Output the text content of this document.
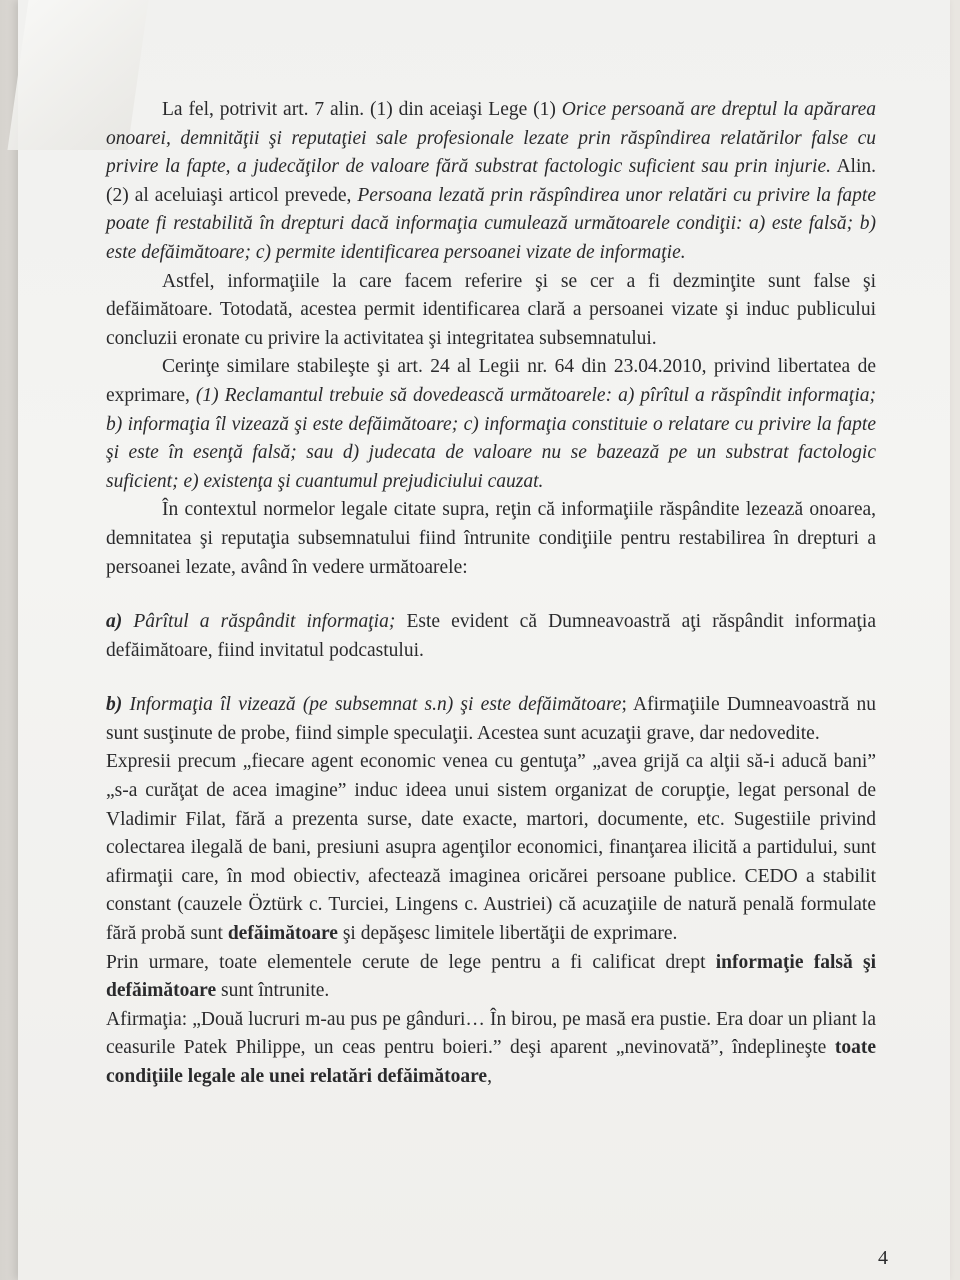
La fel, potrivit art. 7 alin. (1) din aceiaşi Lege (1) Orice persoană are dreptul la apărarea onoarei, demnităţii şi reputaţiei sale profesionale lezate prin răspîndirea relatărilor false cu privire la fapte, a judecăţilor de valoare fără substrat factologic suficient sau prin injurie. Alin. (2) al aceluiaşi articol prevede, Persoana lezată prin răspîndirea unor relatări cu privire la fapte poate fi restabilită în drepturi dacă informaţia cumulează următoarele condiţii: a) este falsă; b) este defăimătoare; c) permite identificarea persoanei vizate de informaţie.

Astfel, informaţiile la care facem referire şi se cer a fi dezminţite sunt false şi defăimătoare. Totodată, acestea permit identificarea clară a persoanei vizate şi induc publicului concluzii eronate cu privire la activitatea şi integritatea subsemnatului.

Cerinţe similare stabileşte şi art. 24 al Legii nr. 64 din 23.04.2010, privind libertatea de exprimare, (1) Reclamantul trebuie să dovedească următoarele: a) pîrîtul a răspîndit informaţia; b) informaţia îl vizează şi este defăimătoare; c) informaţia constituie o relatare cu privire la fapte şi este în esenţă falsă; sau d) judecata de valoare nu se bazează pe un substrat factologic suficient; e) existenţa şi cuantumul prejudiciului cauzat.

În contextul normelor legale citate supra, reţin că informaţiile răspândite lezează onoarea, demnitatea şi reputaţia subsemnatului fiind întrunite condiţiile pentru restabilirea în drepturi a persoanei lezate, având în vedere următoarele:

a) Pârîtul a răspândit informaţia; Este evident că Dumneavoastră aţi răspândit informaţia defăimătoare, fiind invitatul podcastului.

b) Informaţia îl vizează (pe subsemnat s.n) şi este defăimătoare; Afirmaţiile Dumneavoastră nu sunt susţinute de probe, fiind simple speculaţii. Acestea sunt acuzaţii grave, dar nedovedite.

Expresii precum „fiecare agent economic venea cu gentuţa” „avea grijă ca alţii să-i aducă bani” „s-a curăţat de acea imagine” induc ideea unui sistem organizat de corupţie, legat personal de Vladimir Filat, fără a prezenta surse, date exacte, martori, documente, etc. Sugestiile privind colectarea ilegală de bani, presiuni asupra agenţilor economici, finanţarea ilicită a partidului, sunt afirmaţii care, în mod obiectiv, afectează imaginea oricărei persoane publice. CEDO a stabilit constant (cauzele Öztürk c. Turciei, Lingens c. Austriei) că acuzaţiile de natură penală formulate fără probă sunt defăimătoare şi depăşesc limitele libertăţii de exprimare.

Prin urmare, toate elementele cerute de lege pentru a fi calificat drept informaţie falsă şi defăimătoare sunt întrunite.

Afirmaţia: „Două lucruri m-au pus pe gânduri… În birou, pe masă era pustie. Era doar un pliant la ceasurile Patek Philippe, un ceas pentru boieri.” deşi aparent „nevinovată”, îndeplineşte toate condiţiile legale ale unei relatări defăimătoare,

4
